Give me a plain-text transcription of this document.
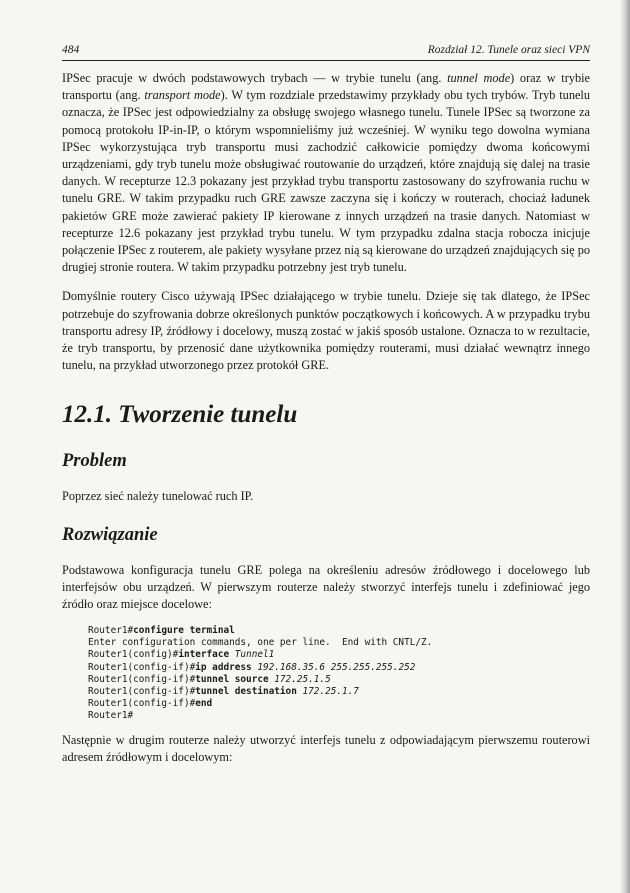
484	Rozdział 12. Tunele oraz sieci VPN

IPSec pracuje w dwóch podstawowych trybach — w trybie tunelu (ang. tunnel mode) oraz w trybie transportu (ang. transport mode). W tym rozdziale przedstawimy przykłady obu tych trybów. Tryb tunelu oznacza, że IPSec jest odpowiedzialny za obsługę swojego własnego tunelu. Tunele IPSec są tworzone za pomocą protokołu IP-in-IP, o którym wspomnieliśmy już wcześniej. W wyniku tego dowolna wymiana IPSec wykorzystująca tryb transportu musi zachodzić całkowicie pomiędzy dwoma końcowymi urządzeniami, gdy tryb tunelu może obsługiwać routowanie do urządzeń, które znajdują się dalej na trasie danych. W recepturze 12.3 pokazany jest przykład trybu transportu zastosowany do szyfrowania ruchu w tunelu GRE. W takim przypadku ruch GRE zawsze zaczyna się i kończy w routerach, chociaż ładunek pakietów GRE może zawierać pakiety IP kierowane z innych urządzeń na trasie danych. Natomiast w recepturze 12.6 pokazany jest przykład trybu tunelu. W tym przypadku zdalna stacja robocza inicjuje połączenie IPSec z routerem, ale pakiety wysyłane przez nią są kierowane do urządzeń znajdujących się po drugiej stronie routera. W takim przypadku potrzebny jest tryb tunelu.

Domyślnie routery Cisco używają IPSec działającego w trybie tunelu. Dzieje się tak dlatego, że IPSec potrzebuje do szyfrowania dobrze określonych punktów początkowych i końcowych. A w przypadku trybu transportu adresy IP, źródłowy i docelowy, muszą zostać w jakiś sposób ustalone. Oznacza to w rezultacie, że tryb transportu, by przenosić dane użytkownika pomiędzy routerami, musi działać wewnątrz innego tunelu, na przykład utworzonego przez protokół GRE.

12.1. Tworzenie tunelu
Problem

Poprzez sieć należy tunelować ruch IP.

Rozwiązanie

Podstawowa konfiguracja tunelu GRE polega na określeniu adresów źródłowego i docelowego lub interfejsów obu urządzeń. W pierwszym routerze należy stworzyć interfejs tunelu i zdefiniować jego źródło oraz miejsce docelowe:

Router1#configure terminal
Enter configuration commands, one per line.  End with CNTL/Z.
Router1(config)#interface Tunnel1
Router1(config-if)#ip address 192.168.35.6 255.255.255.252
Router1(config-if)#tunnel source 172.25.1.5
Router1(config-if)#tunnel destination 172.25.1.7
Router1(config-if)#end
Router1#

Następnie w drugim routerze należy utworzyć interfejs tunelu z odpowiadającym pierwszemu routerowi adresem źródłowym i docelowym:
